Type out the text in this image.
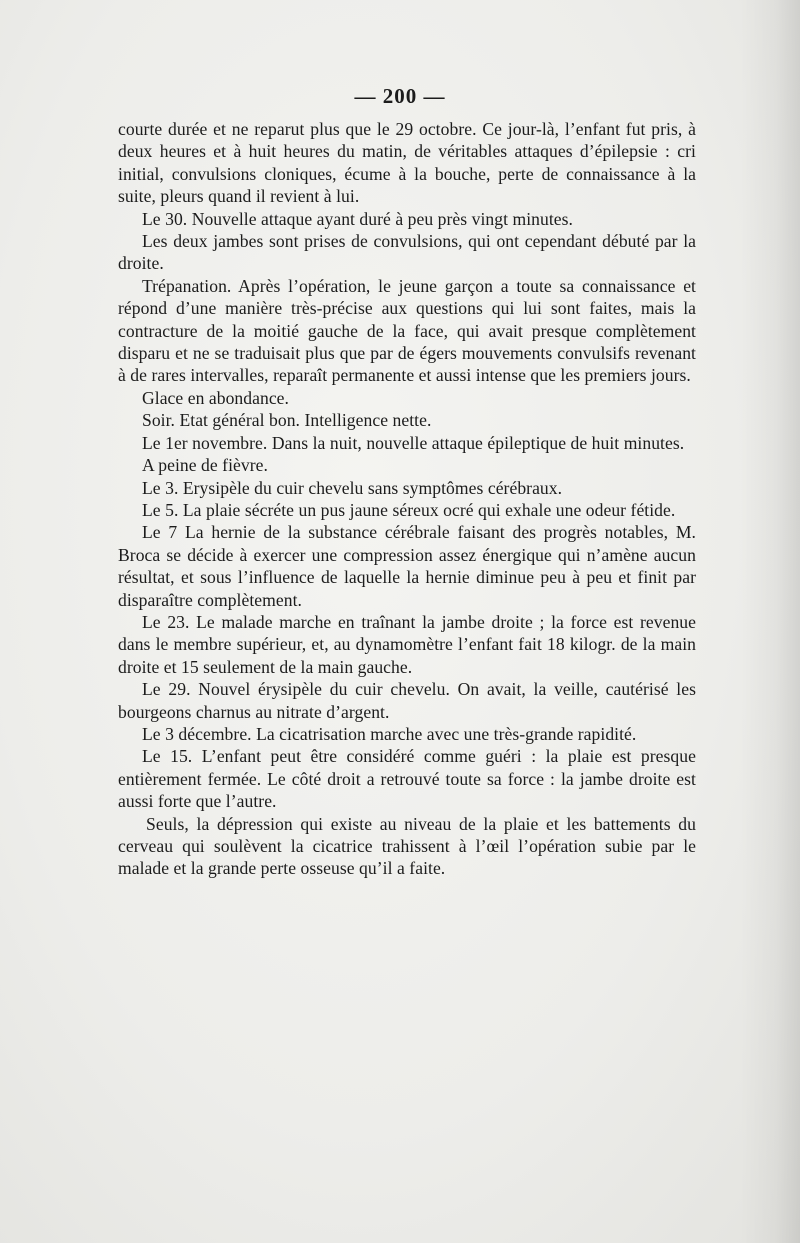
— 200 —

courte durée et ne reparut plus que le 29 octobre. Ce jour-là, l’enfant fut pris, à deux heures et à huit heures du matin, de véritables attaques d’épilepsie : cri initial, convulsions cloniques, écume à la bouche, perte de connaissance à la suite, pleurs quand il revient à lui.

Le 30. Nouvelle attaque ayant duré à peu près vingt minutes.

Les deux jambes sont prises de convulsions, qui ont cependant débuté par la droite.

Trépanation. Après l’opération, le jeune garçon a toute sa connaissance et répond d’une manière très-précise aux questions qui lui sont faites, mais la contracture de la moitié gauche de la face, qui avait presque complètement disparu et ne se traduisait plus que par de égers mouvements convulsifs revenant à de rares intervalles, reparaît permanente et aussi intense que les premiers jours.

Glace en abondance.

Soir. Etat général bon. Intelligence nette.

Le 1er novembre. Dans la nuit, nouvelle attaque épileptique de huit minutes.

A peine de fièvre.

Le 3. Erysipèle du cuir chevelu sans symptômes cérébraux.

Le 5. La plaie sécréte un pus jaune séreux ocré qui exhale une odeur fétide.

Le 7 La hernie de la substance cérébrale faisant des progrès notables, M. Broca se décide à exercer une compression assez énergique qui n’amène aucun résultat, et sous l’influence de laquelle la hernie diminue peu à peu et finit par disparaître complètement.

Le 23. Le malade marche en traînant la jambe droite ; la force est revenue dans le membre supérieur, et, au dynamomètre l’enfant fait 18 kilogr. de la main droite et 15 seulement de la main gauche.

Le 29. Nouvel érysipèle du cuir chevelu. On avait, la veille, cautérisé les bourgeons charnus au nitrate d’argent.

Le 3 décembre. La cicatrisation marche avec une très-grande rapidité.

Le 15. L’enfant peut être considéré comme guéri : la plaie est presque entièrement fermée. Le côté droit a retrouvé toute sa force : la jambe droite est aussi forte que l’autre.

Seuls, la dépression qui existe au niveau de la plaie et les battements du cerveau qui soulèvent la cicatrice trahissent à l’œil l’opération subie par le malade et la grande perte osseuse qu’il a faite.
